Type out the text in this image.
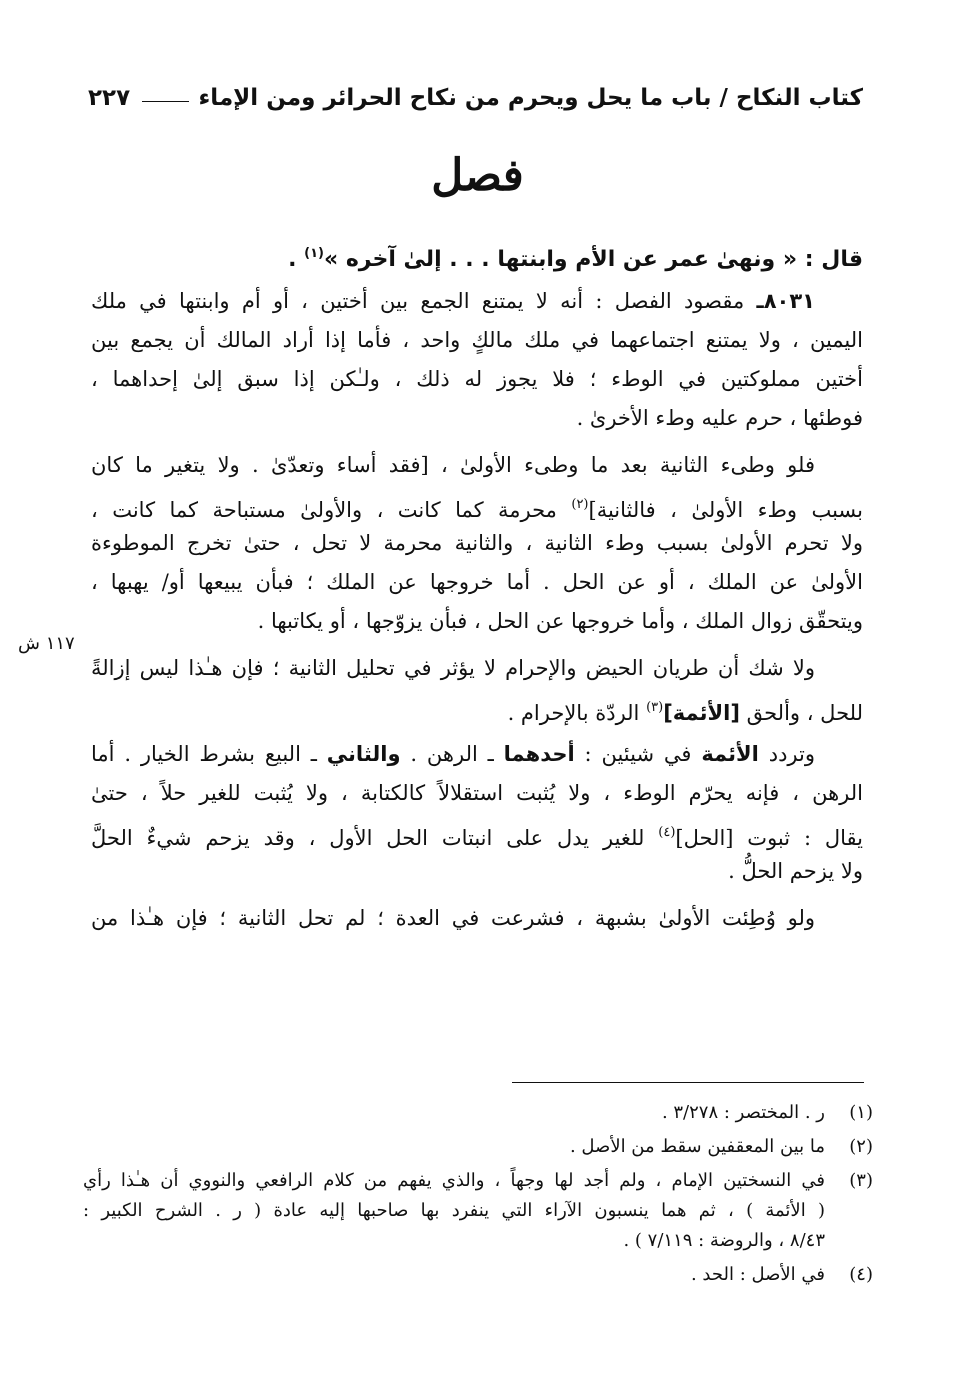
كتاب النكاح / باب ما يحل ويحرم من نكاح الحرائر ومن الإماء
٢٢٧
فصل
قال : « ونهىٰ عمر عن الأم وابنتها . . . إلىٰ آخره »$^{(١)}$ .
٨٠٣١ـ مقصود الفصل : أنه لا يمتنع الجمع بين أختين ، أو أم وابنتها في ملك
اليمين ، ولا يمتنع اجتماعهما في ملك مالكٍ واحد ، فأما إذا أراد المالك أن يجمع بين
أختين مملوكتين في الوطء ؛ فلا يجوز له ذلك ، ولـٰكن إذا سبق إلىٰ إحداهما ،
فوطئها ، حرم عليه وطء الأخرىٰ .
فلو وطىء الثانية بعد ما وطىء الأولىٰ ، [فقد أساء وتعدّىٰ . ولا يتغير ما كان
بسبب وطء الأولىٰ ، فالثانية]$^{(٢)}$ محرمة كما كانت ، والأولىٰ مستباحة كما كانت ،
ولا تحرم الأولىٰ بسبب وطء الثانية ، والثانية محرمة لا تحل ، حتىٰ تخرج الموطوءة
الأولىٰ عن الملك ، أو عن الحل . أما خروجها عن الملك ؛ فبأن يبيعها أو/ يهبها ،
ويتحقّق زوال الملك ، وأما خروجها عن الحل ، فبأن يزوّجها ، أو يكاتبها .
ولا شك أن طريان الحيض والإحرام لا يؤثر في تحليل الثانية ؛ فإن هـٰذا ليس إزالةً
للحل ، وألحق [الأئمة]$^{(٣)}$ الردّة بالإحرام .
وتردد الأئمة في شيئين : أحدهما ـ الرهن . والثاني ـ البيع بشرط الخيار . أما
الرهن ، فإنه يحرّم الوطء ، ولا يُثبت استقلالاً كالكتابة ، ولا يُثبت للغير حلاً ، حتىٰ
يقال : ثبوت [الحل]$^{(٤)}$ للغير يدل على انبتات الحل الأول ، وقد يزحم شيءٌ الحلَّ
ولا يزحم الحلُّ .
ولو وُطِئت الأولىٰ بشبهة ، فشرعت في العدة ؛ لم تحل الثانية ؛ فإن هـٰذا من
١١٧ ش
(١)
ر . المختصر : ٣/٢٧٨ .
(٢)
ما بين المعقفين سقط من الأصل .
(٣)
في النسختين الإمام ، ولم أجد لها وجهاً ، والذي يفهم من كلام الرافعي والنووي أن هـٰذا رأي
( الأئمة ) ، ثم هما ينسبون الآراء التي ينفرد بها صاحبها إليه عادة ( ر . الشرح الكبير :
٨/٤٣ ، والروضة : ٧/١١٩ ) .
(٤)
في الأصل : الحد .
